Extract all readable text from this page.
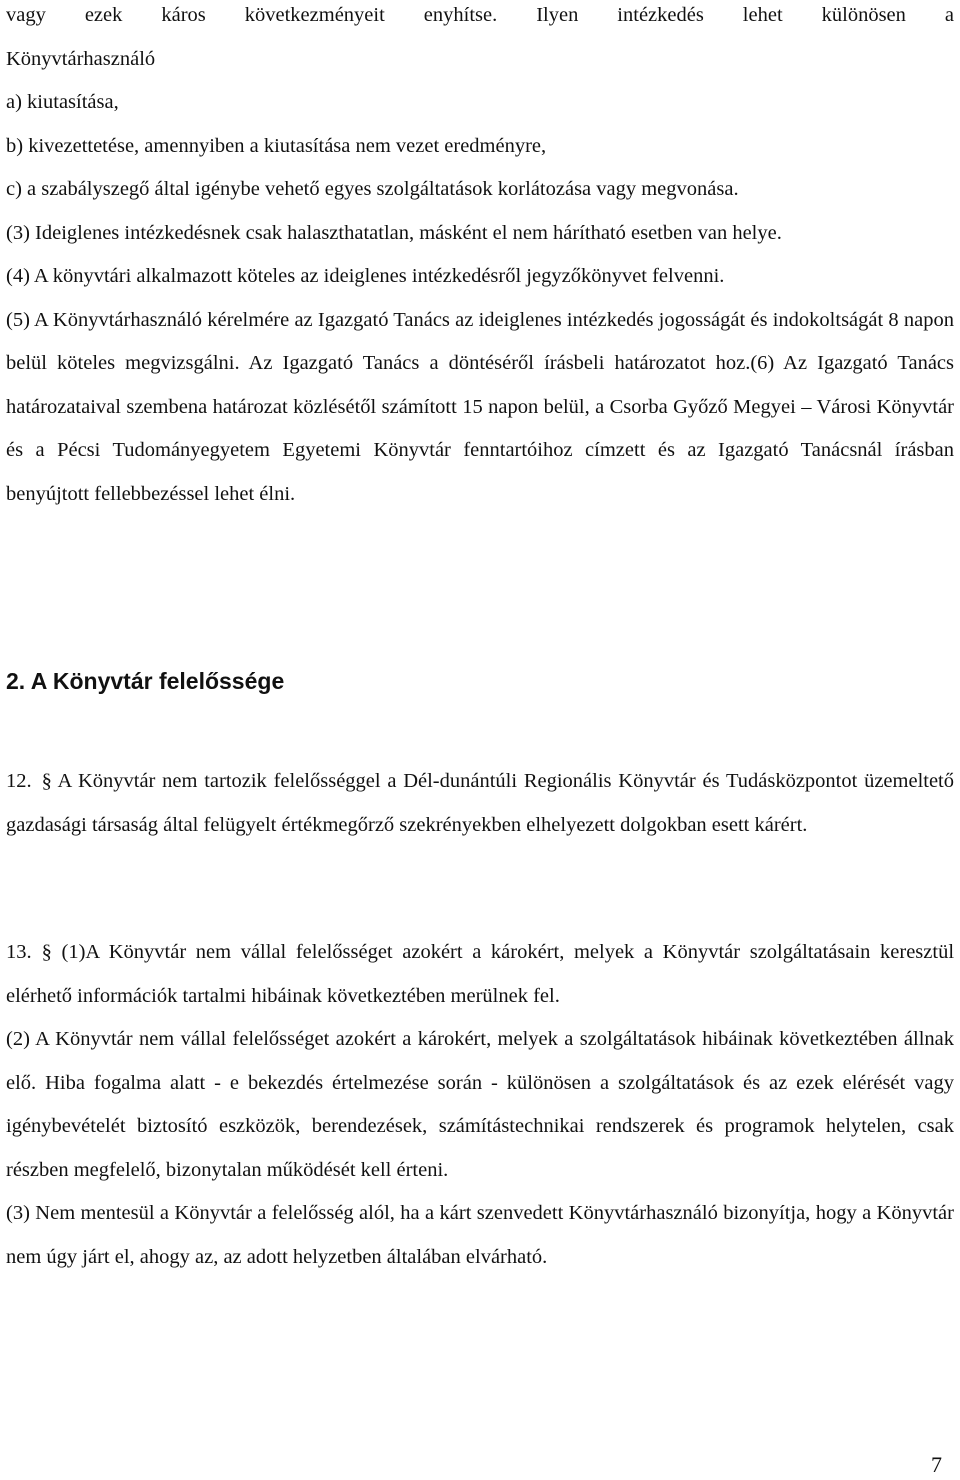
vagy ezek káros következményeit enyhítse. Ilyen intézkedés lehet különösen a

Könyvtárhasználó

a) kiutasítása,

b) kivezettetése, amennyiben a kiutasítása nem vezet eredményre,

c) a szabályszegő által igénybe vehető egyes szolgáltatások korlátozása vagy megvonása.

(3) Ideiglenes intézkedésnek csak halaszthatatlan, másként el nem hárítható esetben van helye.

(4) A könyvtári alkalmazott köteles az ideiglenes intézkedésről jegyzőkönyvet felvenni.

(5) A Könyvtárhasználó kérelmére az Igazgató Tanács az ideiglenes intézkedés jogosságát és indokoltságát 8 napon belül köteles megvizsgálni. Az Igazgató Tanács a döntéséről írásbeli határozatot hoz.(6) Az Igazgató Tanács határozataival szembena határozat közlésétől számított 15 napon belül, a Csorba Győző Megyei – Városi Könyvtár és a Pécsi Tudományegyetem Egyetemi Könyvtár fenntartóihoz címzett és az Igazgató Tanácsnál írásban benyújtott fellebbezéssel lehet élni.

2. A Könyvtár felelőssége

12. § A Könyvtár nem tartozik felelősséggel a Dél-dunántúli Regionális Könyvtár és Tudásközpontot üzemeltető gazdasági társaság által felügyelt értékmegőrző szekrényekben elhelyezett dolgokban esett kárért.

13. § (1)A Könyvtár nem vállal felelősséget azokért a károkért, melyek a Könyvtár szolgáltatásain keresztül elérhető információk tartalmi hibáinak következtében merülnek fel.

(2) A Könyvtár nem vállal felelősséget azokért a károkért, melyek a szolgáltatások hibáinak következtében állnak elő. Hiba fogalma alatt - e bekezdés értelmezése során - különösen a szolgáltatások és az ezek elérését vagy igénybevételét biztosító eszközök, berendezések, számítástechnikai rendszerek és programok helytelen, csak részben megfelelő, bizonytalan működését kell érteni.

(3) Nem mentesül a Könyvtár a felelősség alól, ha a kárt szenvedett Könyvtárhasználó bizonyítja, hogy a Könyvtár nem úgy járt el, ahogy az, az adott helyzetben általában elvárható.

7
